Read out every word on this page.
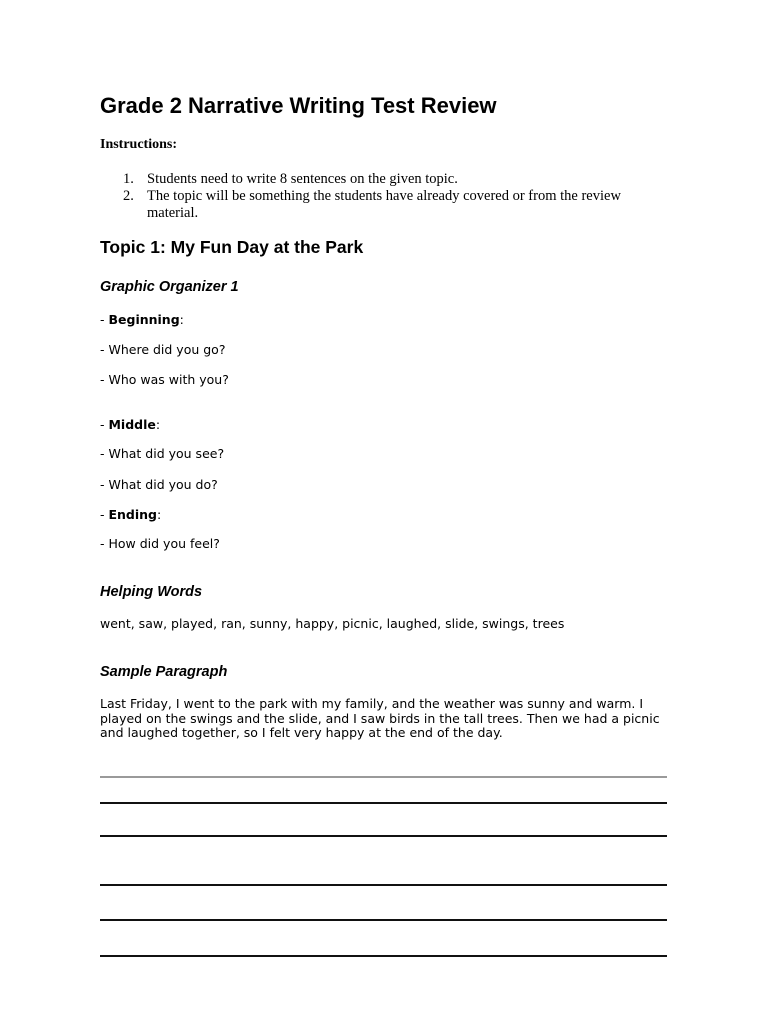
Grade 2 Narrative Writing Test Review
Instructions:
1. Students need to write 8 sentences on the given topic.
2. The topic will be something the students have already covered or from the review material.
Topic 1: My Fun Day at the Park
Graphic Organizer 1
- Beginning:
- Where did you go?
- Who was with you?
- Middle:
- What did you see?
- What did you do?
- Ending:
- How did you feel?
Helping Words
went, saw, played, ran, sunny, happy, picnic, laughed, slide, swings, trees
Sample Paragraph

Last Friday, I went to the park with my family, and the weather was sunny and warm. I played on the swings and the slide, and I saw birds in the tall trees. Then we had a picnic and laughed together, so I felt very happy at the end of the day.
